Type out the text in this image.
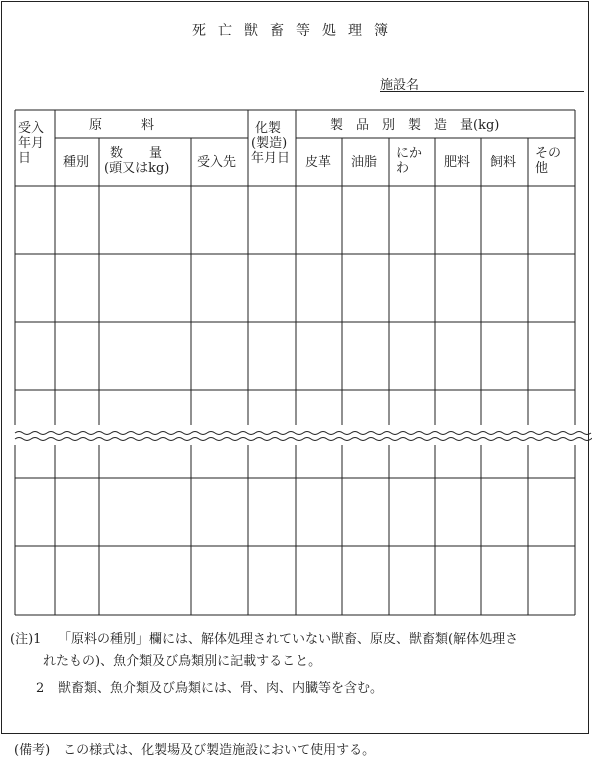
死亡獣畜等処理簿
施設名
受入
年月
日
原　　　料
種別
数　　量
(頭又はkg)	受入先
化製
(製造)
年月日
製　品　別　製　造　量(kg)
皮革 油脂
にか
わ	肥料 飼料
その
他
(注)1 「原料の種別」欄には、解体処理されていない獣畜、原皮、獣畜類(解体処理さ
れたもの)、魚介類及び鳥類別に記載すること。
2 獣畜類、魚介類及び鳥類には、骨、肉、内臓等を含む。
(備考)　この様式は、化製場及び製造施設において使用する。
